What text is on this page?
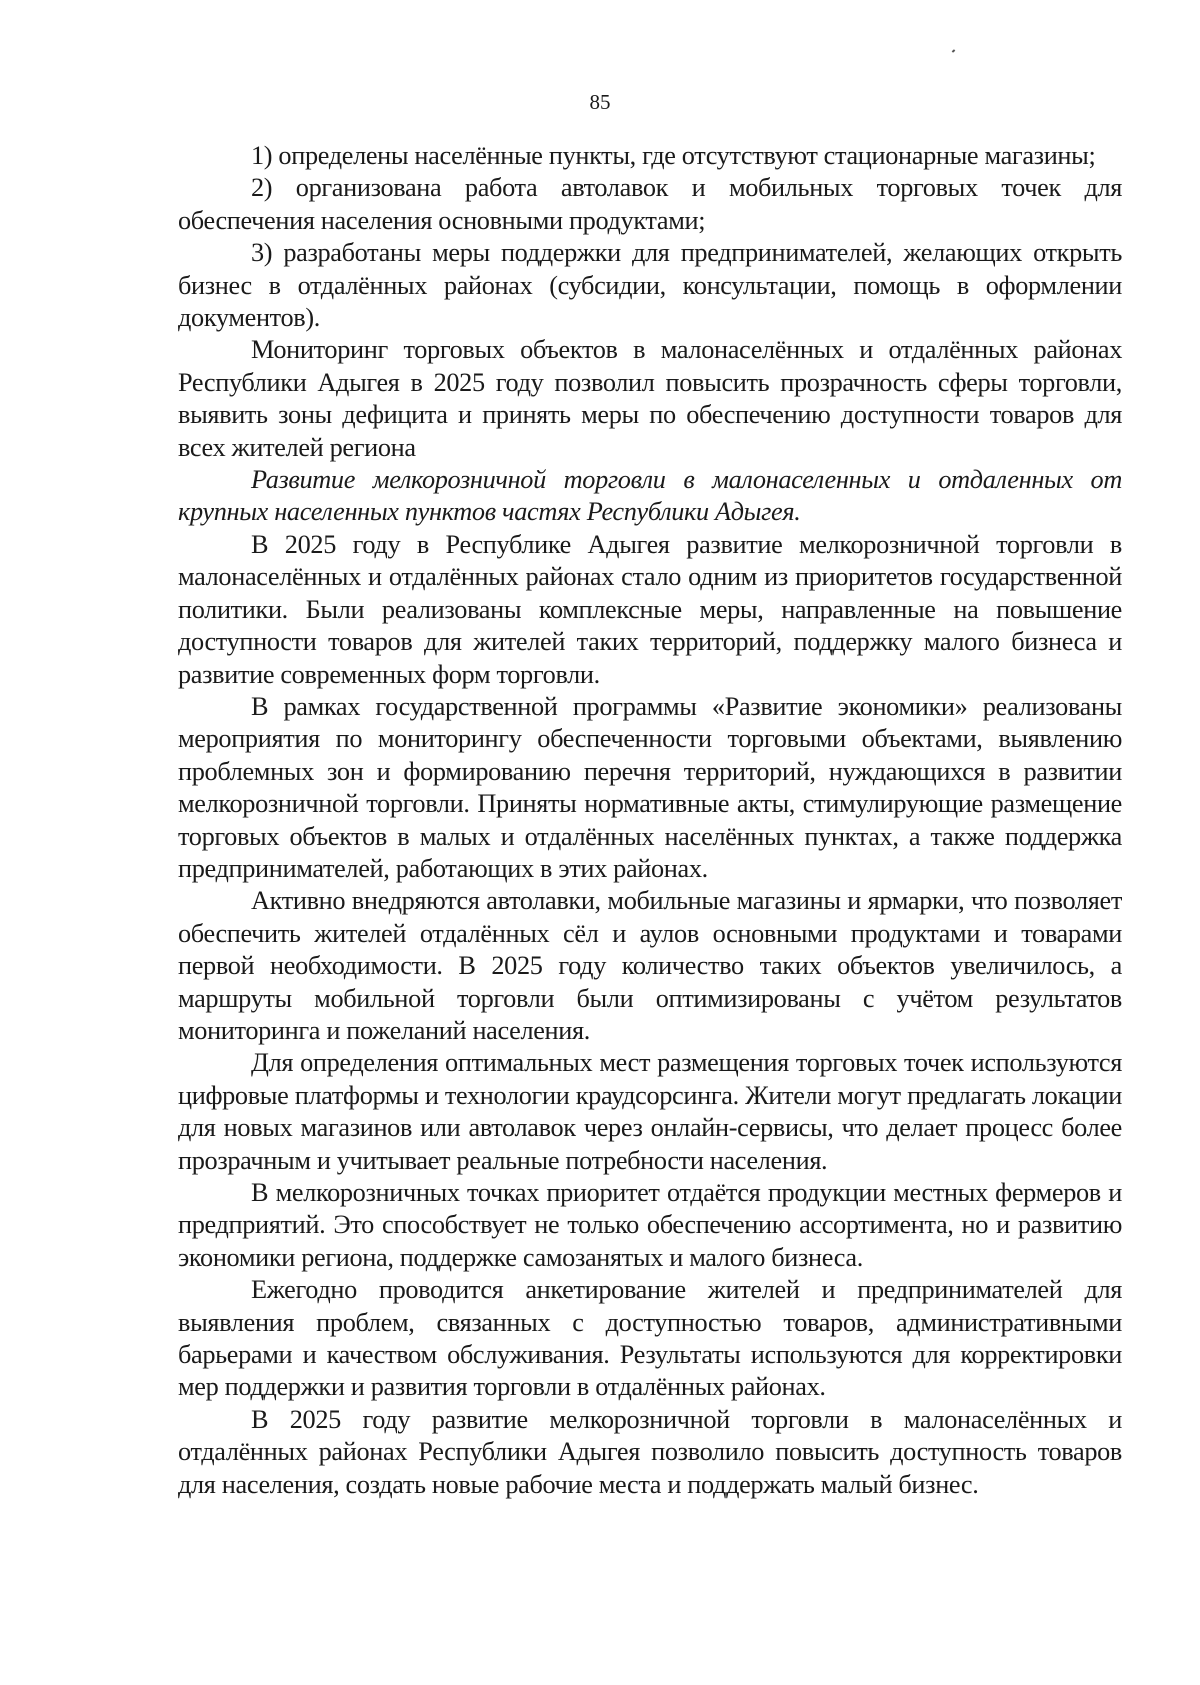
85

1) определены населённые пункты, где отсутствуют стационарные магазины;

2) организована работа автолавок и мобильных торговых точек для обеспечения населения основными продуктами;

3) разработаны меры поддержки для предпринимателей, желающих открыть бизнес в отдалённых районах (субсидии, консультации, помощь в оформлении документов).

Мониторинг торговых объектов в малонаселённых и отдалённых районах Республики Адыгея в 2025 году позволил повысить прозрачность сферы торговли, выявить зоны дефицита и принять меры по обеспечению доступности товаров для всех жителей региона

Развитие мелкорозничной торговли в малонаселенных и отдаленных от крупных населенных пунктов частях Республики Адыгея.

В 2025 году в Республике Адыгея развитие мелкорозничной торговли в малонаселённых и отдалённых районах стало одним из приоритетов государственной политики. Были реализованы комплексные меры, направленные на повышение доступности товаров для жителей таких территорий, поддержку малого бизнеса и развитие современных форм торговли.

В рамках государственной программы «Развитие экономики» реализованы мероприятия по мониторингу обеспеченности торговыми объектами, выявлению проблемных зон и формированию перечня территорий, нуждающихся в развитии мелкорозничной торговли. Приняты нормативные акты, стимулирующие размещение торговых объектов в малых и отдалённых населённых пунктах, а также поддержка предпринимателей, работающих в этих районах.

Активно внедряются автолавки, мобильные магазины и ярмарки, что позволяет обеспечить жителей отдалённых сёл и аулов основными продуктами и товарами первой необходимости. В 2025 году количество таких объектов увеличилось, а маршруты мобильной торговли были оптимизированы с учётом результатов мониторинга и пожеланий населения.

Для определения оптимальных мест размещения торговых точек используются цифровые платформы и технологии краудсорсинга. Жители могут предлагать локации для новых магазинов или автолавок через онлайн-сервисы, что делает процесс более прозрачным и учитывает реальные потребности населения.

В мелкорозничных точках приоритет отдаётся продукции местных фермеров и предприятий. Это способствует не только обеспечению ассортимента, но и развитию экономики региона, поддержке самозанятых и малого бизнеса.

Ежегодно проводится анкетирование жителей и предпринимателей для выявления проблем, связанных с доступностью товаров, административными барьерами и качеством обслуживания. Результаты используются для корректировки мер поддержки и развития торговли в отдалённых районах.

В 2025 году развитие мелкорозничной торговли в малонаселённых и отдалённых районах Республики Адыгея позволило повысить доступность товаров для населения, создать новые рабочие места и поддержать малый бизнес.
